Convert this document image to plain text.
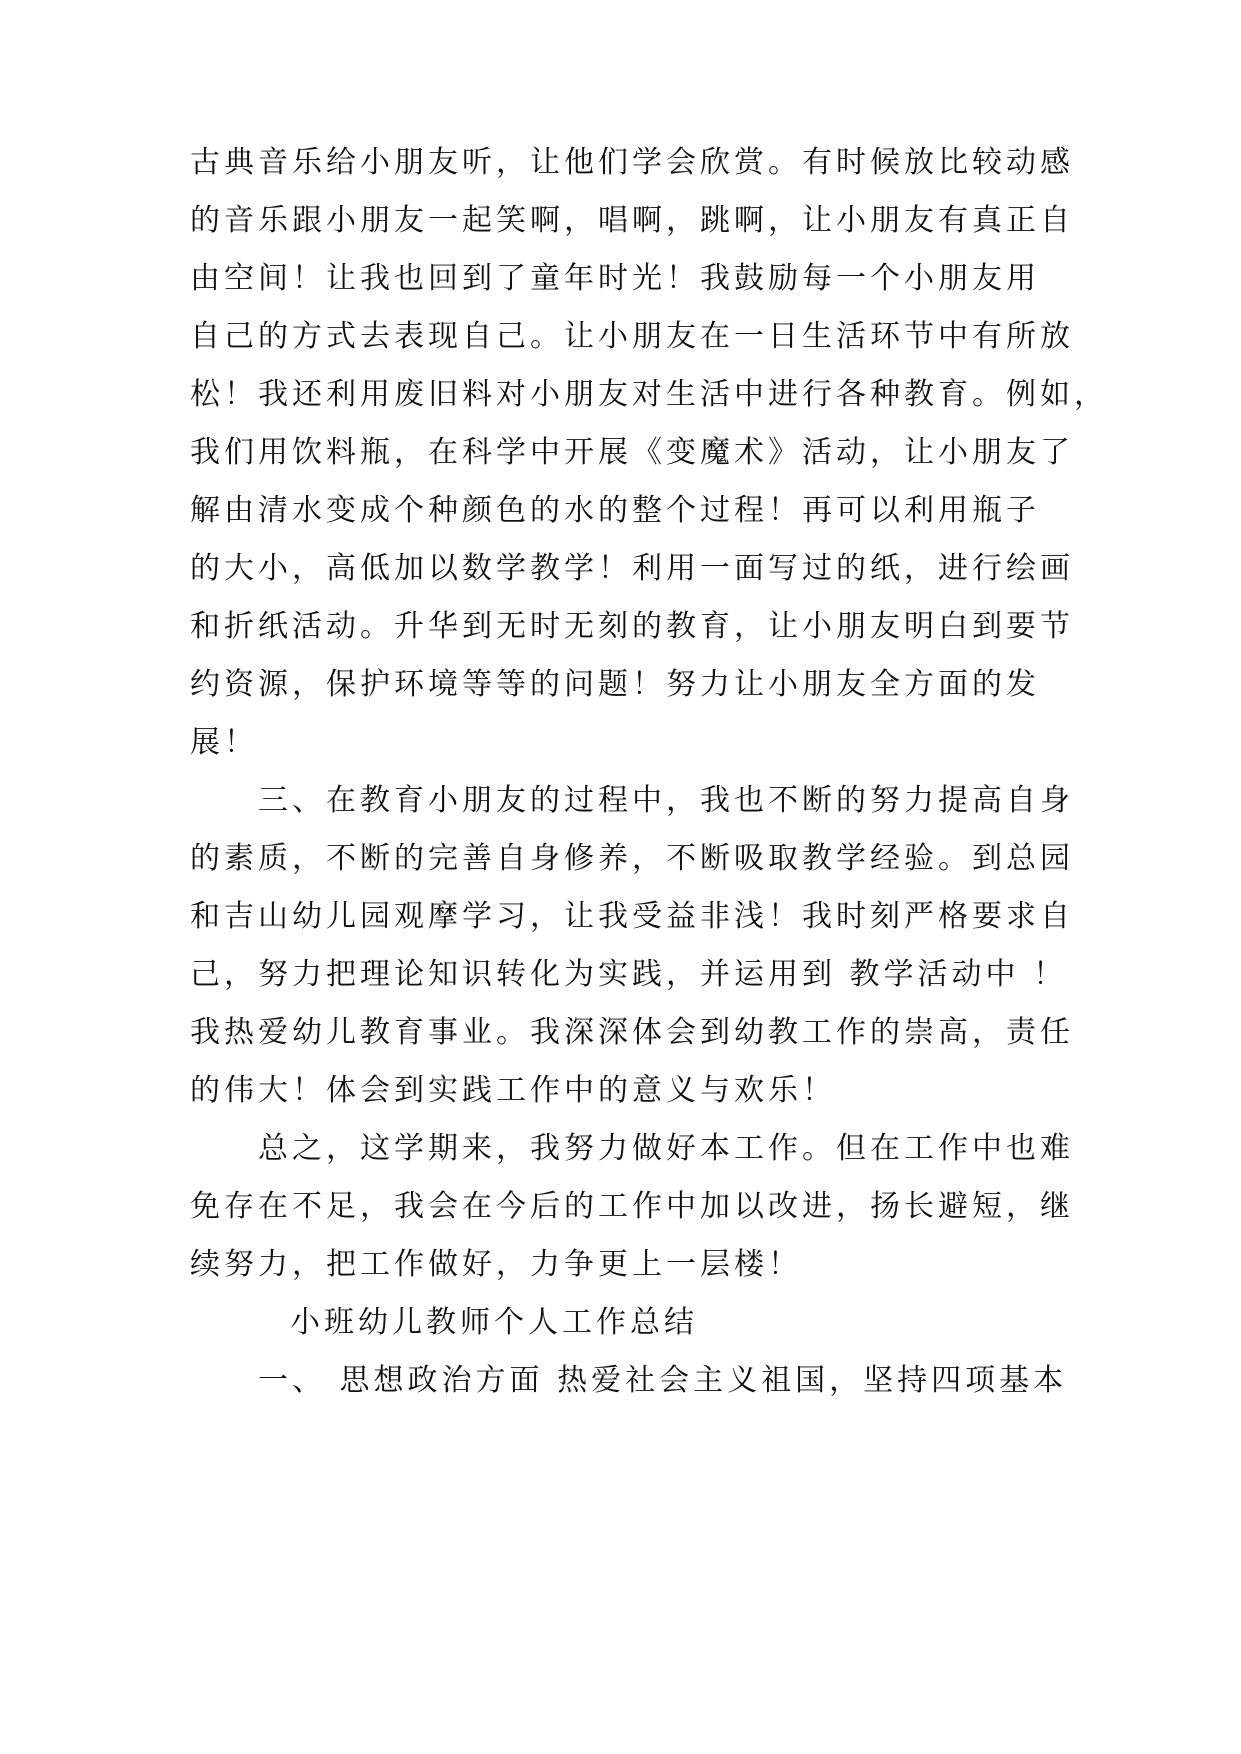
古典音乐给小朋友听，让他们学会欣赏。有时候放比较动感
的音乐跟小朋友一起笑啊，唱啊，跳啊，让小朋友有真正自
由空间！让我也回到了童年时光！我鼓励每一个小朋友用
自己的方式去表现自己。让小朋友在一日生活环节中有所放
松！我还利用废旧料对小朋友对生活中进行各种教育。例如，
我们用饮料瓶，在科学中开展《变魔术》活动，让小朋友了
解由清水变成个种颜色的水的整个过程！再可以利用瓶子
的大小，高低加以数学教学！利用一面写过的纸，进行绘画
和折纸活动。升华到无时无刻的教育，让小朋友明白到要节
约资源，保护环境等等的问题！努力让小朋友全方面的发
展！
三、在教育小朋友的过程中，我也不断的努力提高自身
的素质，不断的完善自身修养，不断吸取教学经验。到总园
和吉山幼儿园观摩学习，让我受益非浅！我时刻严格要求自
己，努力把理论知识转化为实践，并运用到 教学活动中 ！
我热爱幼儿教育事业。我深深体会到幼教工作的崇高，责任
的伟大！体会到实践工作中的意义与欢乐！
总之，这学期来，我努力做好本工作。但在工作中也难
免存在不足，我会在今后的工作中加以改进，扬长避短，继
续努力，把工作做好，力争更上一层楼！
小班幼儿教师个人工作总结
一、 思想政治方面 热爱社会主义祖国，坚持四项基本
